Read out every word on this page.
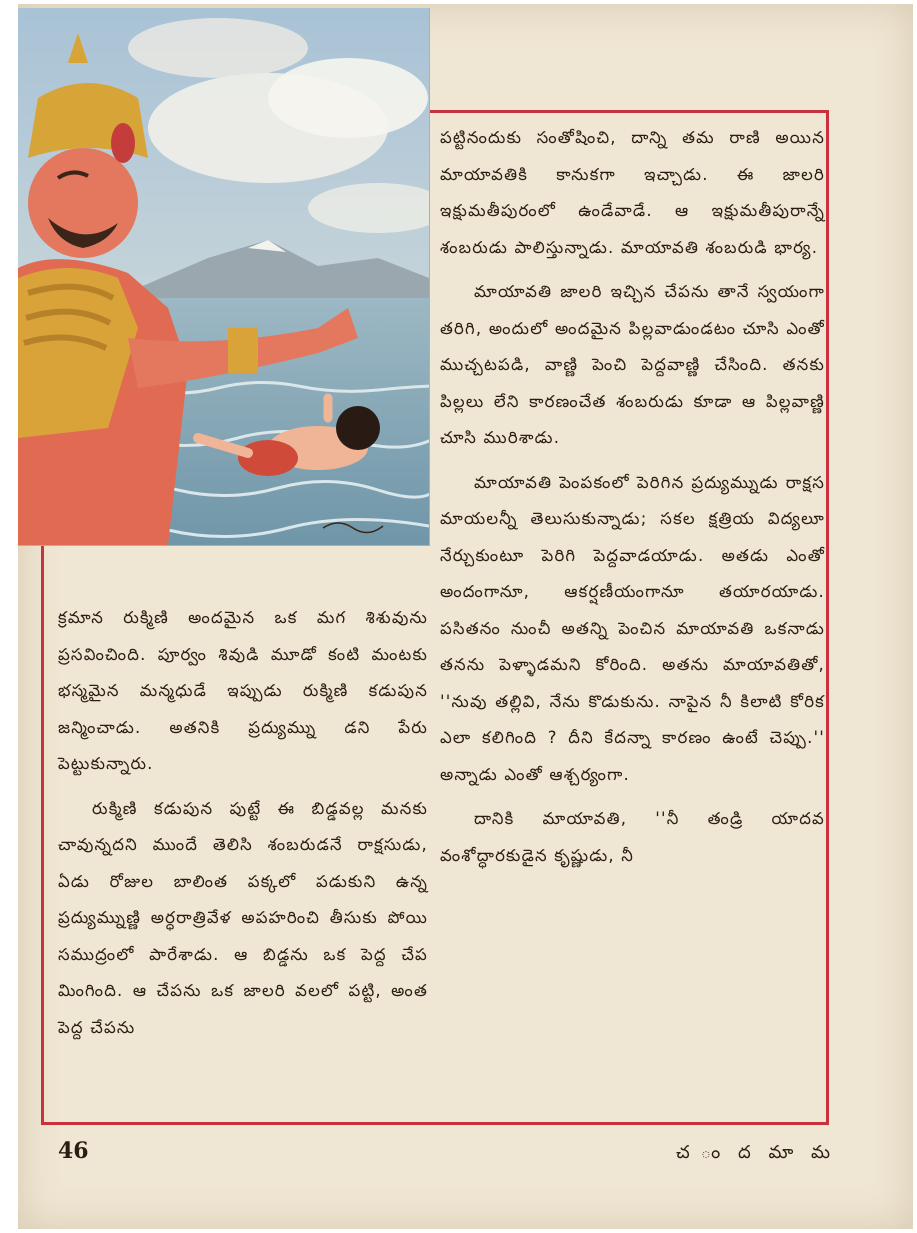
క్రమాన రుక్మిణి అందమైన ఒక మగ శిశువును ప్రసవించింది. పూర్వం శివుడి మూడో కంటి మంటకు భస్మమైన మన్మధుడే ఇప్పుడు రుక్మిణి కడుపున జన్మించాడు. అతనికి ప్రద్యుమ్ను డని పేరు పెట్టుకున్నారు.

రుక్మిణి కడుపున పుట్టే ఈ బిడ్డవల్ల మనకు చావున్నదని ముందే తెలిసి శంబరుడనే రాక్షసుడు, ఏడు రోజుల బాలింత పక్కలో పడుకుని ఉన్న ప్రద్యుమ్నుణ్ణి అర్ధరాత్రివేళ అపహరించి తీసుకు పోయి సముద్రంలో పారేశాడు. ఆ బిడ్డను ఒక పెద్ద చేప మింగింది. ఆ చేపను ఒక జాలరి వలలో పట్టి, అంత పెద్ద చేపను

పట్టినందుకు సంతోషించి, దాన్ని తమ రాణి అయిన మాయావతికి కానుకగా ఇచ్చాడు. ఈ జాలరి ఇక్షుమతీపురంలో ఉండేవాడే. ఆ ఇక్షుమతీపురాన్నే శంబరుడు పాలిస్తున్నాడు. మాయావతి శంబరుడి భార్య.

మాయావతి జాలరి ఇచ్చిన చేపను తానే స్వయంగా తరిగి, అందులో అందమైన పిల్లవాడుండటం చూసి ఎంతో ముచ్చటపడి, వాణ్ణి పెంచి పెద్దవాణ్ణి చేసింది. తనకు పిల్లలు లేని కారణంచేత శంబరుడు కూడా ఆ పిల్లవాణ్ణి చూసి మురిశాడు.

మాయావతి పెంపకంలో పెరిగిన ప్రద్యుమ్నుడు రాక్షస మాయలన్నీ తెలుసుకున్నాడు; సకల క్షత్రియ విద్యలూ నేర్చుకుంటూ పెరిగి పెద్దవాడయాడు. అతడు ఎంతో అందంగానూ, ఆకర్షణీయంగానూ తయారయాడు. పసితనం నుంచీ అతన్ని పెంచిన మాయావతి ఒకనాడు తనను పెళ్ళాడమని కోరింది. అతను మాయావతితో, ''నువు తల్లివి, నేను కొడుకును. నాపైన నీ కిలాటి కోరిక ఎలా కలిగింది ? దీని కేదన్నా కారణం ఉంటే చెప్పు.'' అన్నాడు ఎంతో ఆశ్చర్యంగా.

దానికి మాయావతి, ''నీ తండ్రి యాదవ వంశోద్ధారకుడైన కృష్ణుడు, నీ

46	చ ం ద మా మ
